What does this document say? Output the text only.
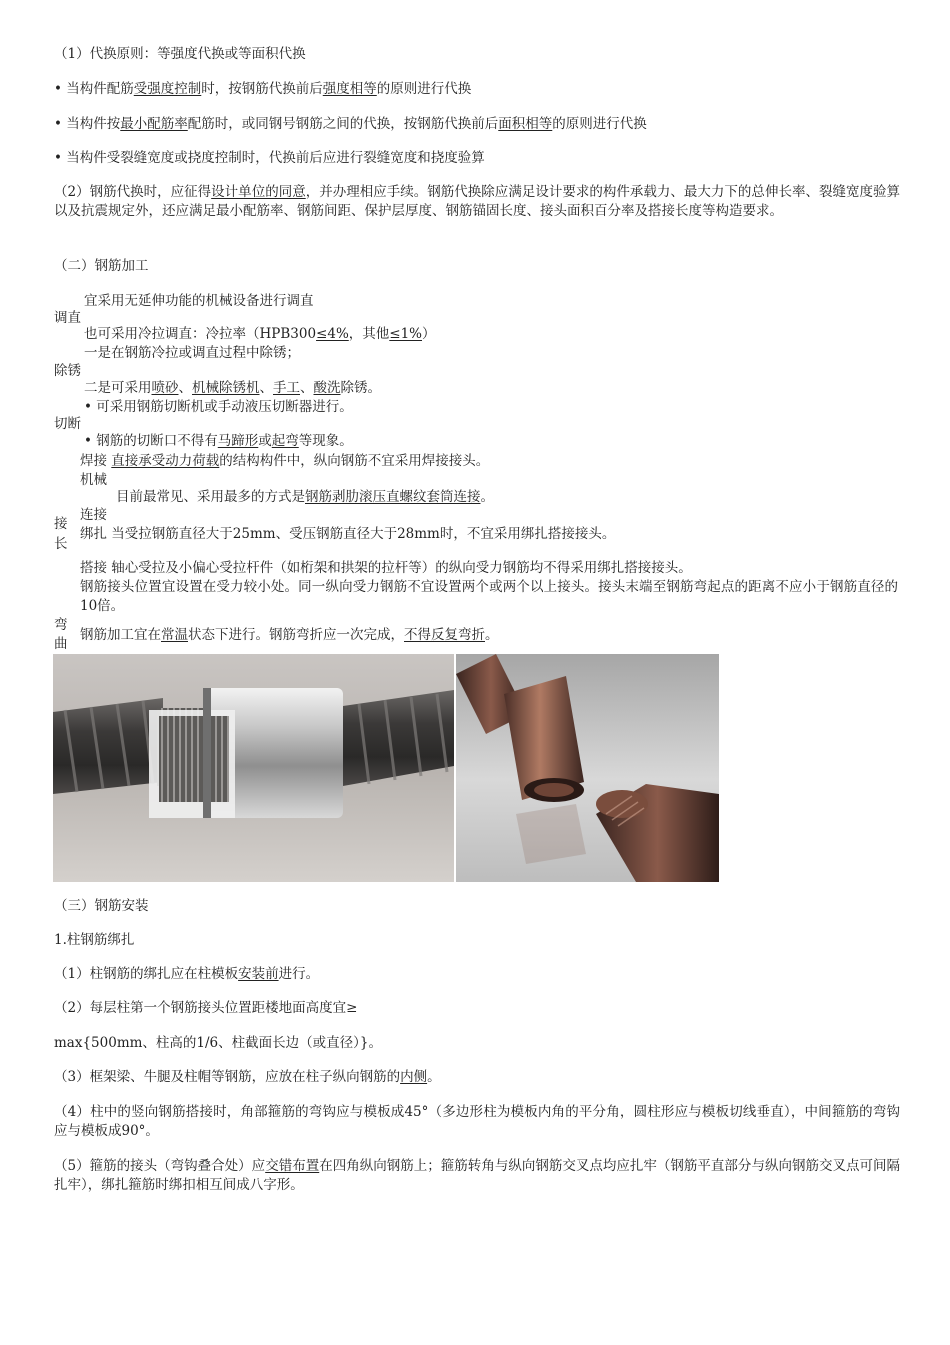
（1）代换原则：等强度代换或等面积代换
• 当构件配筋受强度控制时，按钢筋代换前后强度相等的原则进行代换
• 当构件按最小配筋率配筋时，或同钢号钢筋之间的代换，按钢筋代换前后面积相等的原则进行代换
• 当构件受裂缝宽度或挠度控制时，代换前后应进行裂缝宽度和挠度验算
（2）钢筋代换时，应征得设计单位的同意，并办理相应手续。钢筋代换除应满足设计要求的构件承载力、最大力下的总伸长率、裂缝宽度验算以及抗震规定外，还应满足最小配筋率、钢筋间距、保护层厚度、钢筋锚固长度、接头面积百分率及搭接长度等构造要求。
（二）钢筋加工
宜采用无延伸功能的机械设备进行调直
调直
也可采用冷拉调直：冷拉率（HPB300≤4%，其他≤1%）
一是在钢筋冷拉或调直过程中除锈；
除锈
二是可采用喷砂、机械除锈机、手工、酸洗除锈。
• 可采用钢筋切断机或手动液压切断器进行。
切断
• 钢筋的切断口不得有马蹄形或起弯等现象。
焊接 直接承受动力荷载的结构构件中，纵向钢筋不宜采用焊接接头。
机械
目前最常见、采用最多的方式是钢筋剥肋滚压直螺纹套筒连接。
连接
接
绑扎 当受拉钢筋直径大于25mm、受压钢筋直径大于28mm时，不宜采用绑扎搭接接头。
长
搭接 轴心受拉及小偏心受拉杆件（如桁架和拱架的拉杆等）的纵向受力钢筋均不得采用绑扎搭接接头。
钢筋接头位置宜设置在受力较小处。同一纵向受力钢筋不宜设置两个或两个以上接头。接头末端至钢筋弯起点的距离不应小于钢筋直径的10倍。
弯
钢筋加工宜在常温状态下进行。钢筋弯折应一次完成，不得反复弯折。
曲
（三）钢筋安装
1.柱钢筋绑扎
（1）柱钢筋的绑扎应在柱模板安装前进行。
（2）每层柱第一个钢筋接头位置距楼地面高度宜≥
max{500mm、柱高的1/6、柱截面长边（或直径）}。
（3）框架梁、牛腿及柱帽等钢筋，应放在柱子纵向钢筋的内侧。
（4）柱中的竖向钢筋搭接时，角部箍筋的弯钩应与模板成45°（多边形柱为模板内角的平分角，圆柱形应与模板切线垂直），中间箍筋的弯钩应与模板成90°。
（5）箍筋的接头（弯钩叠合处）应交错布置在四角纵向钢筋上；箍筋转角与纵向钢筋交叉点均应扎牢（钢筋平直部分与纵向钢筋交叉点可间隔扎牢），绑扎箍筋时绑扣相互间成八字形。
